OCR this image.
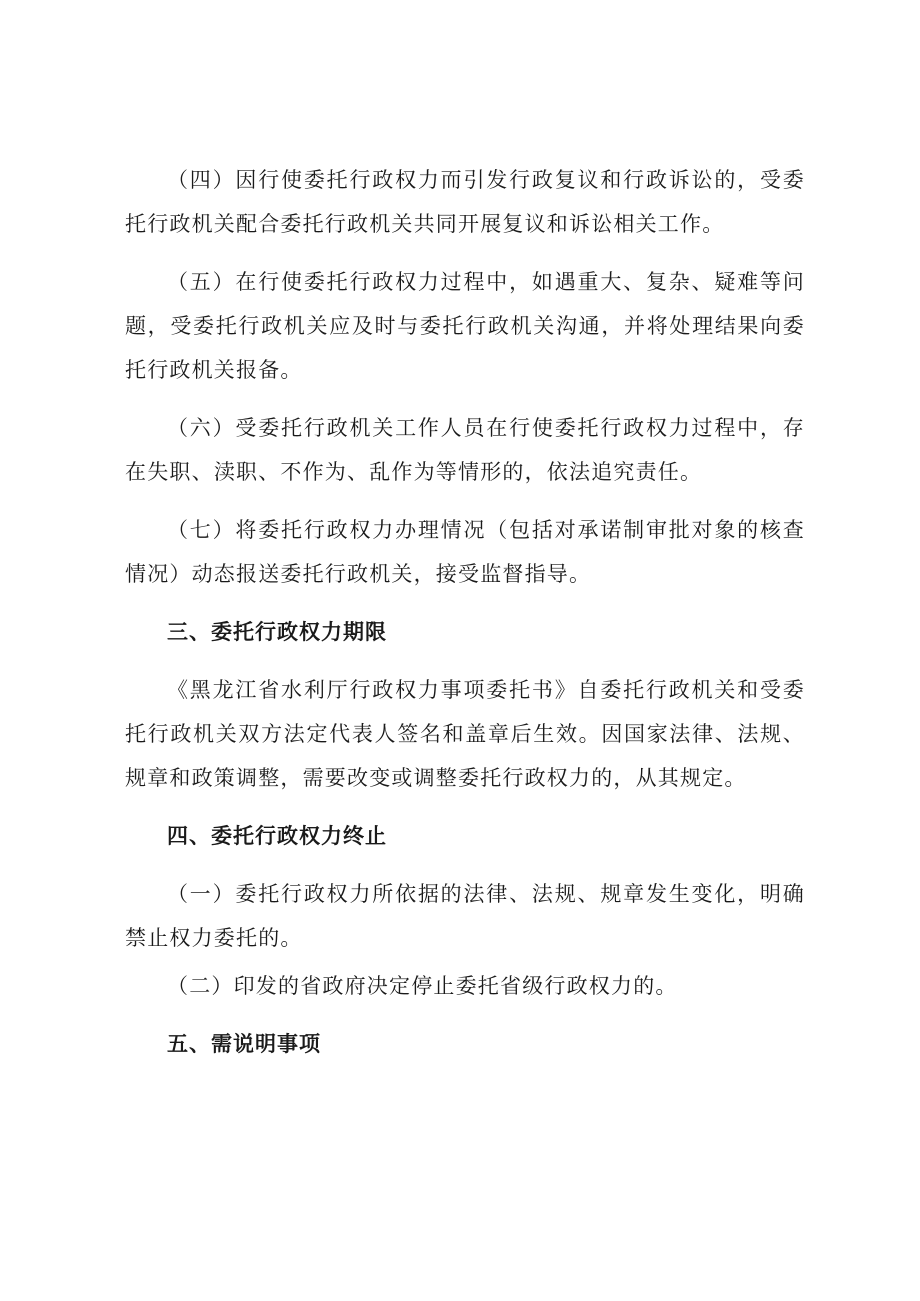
（四）因行使委托行政权力而引发行政复议和行政诉讼的，受委托行政机关配合委托行政机关共同开展复议和诉讼相关工作。

（五）在行使委托行政权力过程中，如遇重大、复杂、疑难等问题，受委托行政机关应及时与委托行政机关沟通，并将处理结果向委托行政机关报备。

（六）受委托行政机关工作人员在行使委托行政权力过程中，存在失职、渎职、不作为、乱作为等情形的，依法追究责任。

（七）将委托行政权力办理情况（包括对承诺制审批对象的核查情况）动态报送委托行政机关，接受监督指导。

三、委托行政权力期限

《黑龙江省水利厅行政权力事项委托书》自委托行政机关和受委托行政机关双方法定代表人签名和盖章后生效。因国家法律、法规、规章和政策调整，需要改变或调整委托行政权力的，从其规定。

四、委托行政权力终止

（一）委托行政权力所依据的法律、法规、规章发生变化，明确禁止权力委托的。

（二）印发的省政府决定停止委托省级行政权力的。

五、需说明事项
